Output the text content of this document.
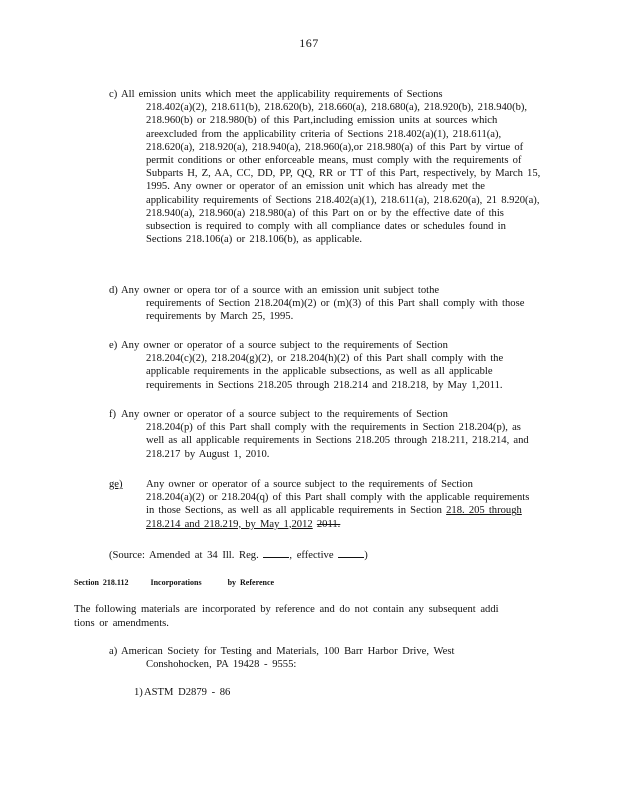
167
c) All emission units which meet the applicability requirements of Sections
218.402(a)(2), 218.611(b), 218.620(b), 218.660(a), 218.680(a), 218.920(b), 218.940(b), 218.960(b) or 218.980(b) of this Part,including emission units at sources which areexcluded from the applicability criteria of Sections 218.402(a)(1), 218.611(a), 218.620(a), 218.920(a), 218.940(a), 218.960(a),or 218.980(a) of this Part by virtue of permit conditions or other enforceable means, must comply with the requirements of Subparts H, Z, AA, CC, DD, PP, QQ, RR or TT of this Part, respectively, by March 15, 1995. Any owner or operator of an emission unit which has already met the applicability requirements of Sections 218.402(a)(1), 218.611(a), 218.620(a), 21 8.920(a), 218.940(a), 218.960(a) 218.980(a) of this Part on or by the effective date of this subsection is required to comply with all compliance dates or schedules found in Sections 218.106(a) or 218.106(b), as applicable.
d) Any owner or opera tor of a source with an emission unit subject tothe
requirements of Section 218.204(m)(2) or (m)(3) of this Part shall comply with those requirements by March 25, 1995.
e) Any owner or operator of a source subject to the requirements of Section
218.204(c)(2), 218.204(g)(2), or 218.204(h)(2) of this Part shall comply with the applicable requirements in the applicable subsections, as well as all applicable requirements in Sections 218.205 through 218.214 and 218.218, by May 1,2011.
f) Any owner or operator of a source subject to the requirements of Section
218.204(p) of this Part shall comply with the requirements in Section 218.204(p), as well as all applicable requirements in Sections 218.205 through 218.211, 218.214, and 218.217 by August 1, 2010.
ge)	Any owner or operator of a source subject to the requirements of Section
218.204(a)(2) or 218.204(q) of this Part shall comply with the applicable requirements in those Sections, as well as all applicable requirements in Section 218. 205 through 218.214 and 218.219, by May 1,2012 2011.
(Source: Amended at 34 Ill. Reg.	, effective	)
Section 218.112	Incorporations	by Reference
The following materials are incorporated by reference and do not contain any subsequent addi tions or amendments.
a) American Society for Testing and Materials, 100 Barr Harbor Drive, West
Conshohocken, PA 19428 - 9555:
1) ASTM D2879 - 86
